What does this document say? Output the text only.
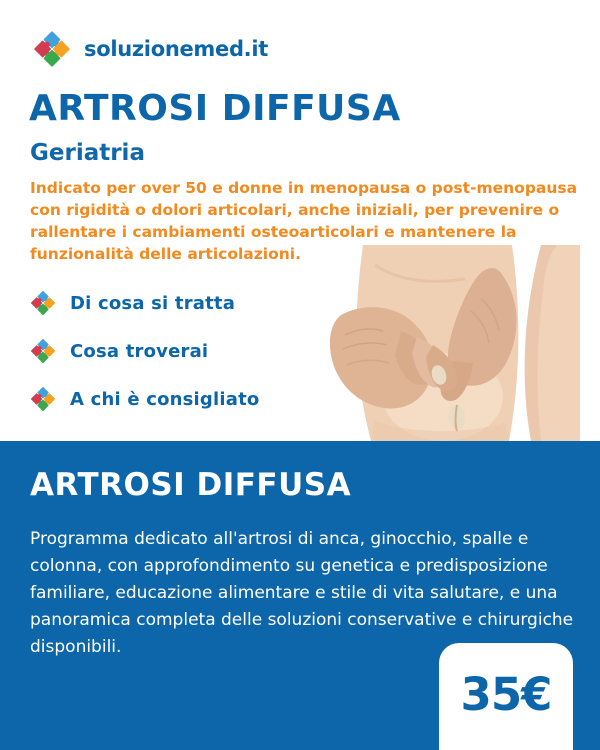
soluzionemed.it
ARTROSI DIFFUSA
Geriatria

Indicato per over 50 e donne in menopausa o post-menopausa con rigidità o dolori articolari, anche iniziali, per prevenire o rallentare i cambiamenti osteoarticolari e mantenere la funzionalità delle articolazioni.

Di cosa si tratta
Cosa troverai
A chi è consigliato
ARTROSI DIFFUSA

Programma dedicato all'artrosi di anca, ginocchio, spalle e colonna, con approfondimento su genetica e predisposizione familiare, educazione alimentare e stile di vita salutare, e una panoramica completa delle soluzioni conservative e chirurgiche disponibili.

35€
